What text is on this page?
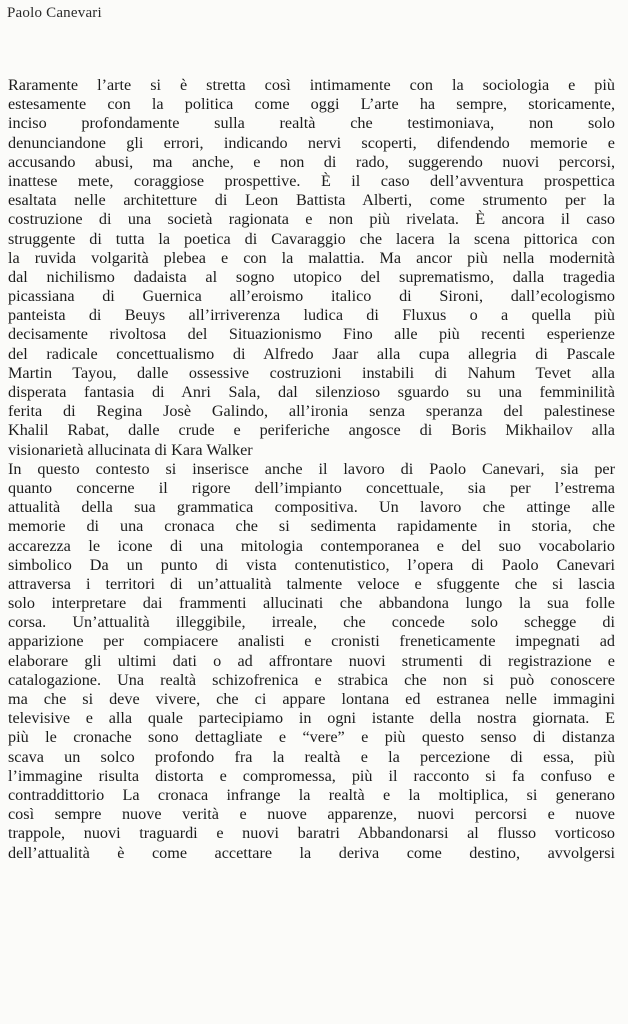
Paolo Canevari
Raramente l’arte si è stretta così intimamente con la sociologia e più
estesamente con la politica come oggi L’arte ha sempre, storicamente,
inciso profondamente sulla realtà che testimoniava, non solo
denunciandone gli errori, indicando nervi scoperti, difendendo memorie e
accusando abusi, ma anche, e non di rado, suggerendo nuovi percorsi,
inattese mete, coraggiose prospettive. È il caso dell’avventura prospettica
esaltata nelle architetture di Leon Battista Alberti, come strumento per la
costruzione di una società ragionata e non più rivelata. È ancora il caso
struggente di tutta la poetica di Cavaraggio che lacera la scena pittorica con
la ruvida volgarità plebea e con la malattia. Ma ancor più nella modernità
dal nichilismo dadaista al sogno utopico del suprematismo, dalla tragedia
picassiana di Guernica all’eroismo italico di Sironi, dall’ecologismo
panteista di Beuys all’irriverenza ludica di Fluxus o a quella più
decisamente rivoltosa del Situazionismo Fino alle più recenti esperienze
del radicale concettualismo di Alfredo Jaar alla cupa allegria di Pascale
Martin Tayou, dalle ossessive costruzioni instabili di Nahum Tevet alla
disperata fantasia di Anri Sala, dal silenzioso sguardo su una femminilità
ferita di Regina Josè Galindo, all’ironia senza speranza del palestinese
Khalil Rabat, dalle crude e periferiche angosce di Boris Mikhailov alla
visionarietà allucinata di Kara Walker
In questo contesto si inserisce anche il lavoro di Paolo Canevari, sia per
quanto concerne il rigore dell’impianto concettuale, sia per l’estrema
attualità della sua grammatica compositiva. Un lavoro che attinge alle
memorie di una cronaca che si sedimenta rapidamente in storia, che
accarezza le icone di una mitologia contemporanea e del suo vocabolario
simbolico Da un punto di vista contenutistico, l’opera di Paolo Canevari
attraversa i territori di un’attualità talmente veloce e sfuggente che si lascia
solo interpretare dai frammenti allucinati che abbandona lungo la sua folle
corsa. Un’attualità illeggibile, irreale, che concede solo schegge di
apparizione per compiacere analisti e cronisti freneticamente impegnati ad
elaborare gli ultimi dati o ad affrontare nuovi strumenti di registrazione e
catalogazione. Una realtà schizofrenica e strabica che non si può conoscere
ma che si deve vivere, che ci appare lontana ed estranea nelle immagini
televisive e alla quale partecipiamo in ogni istante della nostra giornata. E
più le cronache sono dettagliate e “vere” e più questo senso di distanza
scava un solco profondo fra la realtà e la percezione di essa, più
l’immagine risulta distorta e compromessa, più il racconto si fa confuso e
contraddittorio La cronaca infrange la realtà e la moltiplica, si generano
così sempre nuove verità e nuove apparenze, nuovi percorsi e nuove
trappole, nuovi traguardi e nuovi baratri Abbandonarsi al flusso vorticoso
dell’attualità è come accettare la deriva come destino, avvolgersi
